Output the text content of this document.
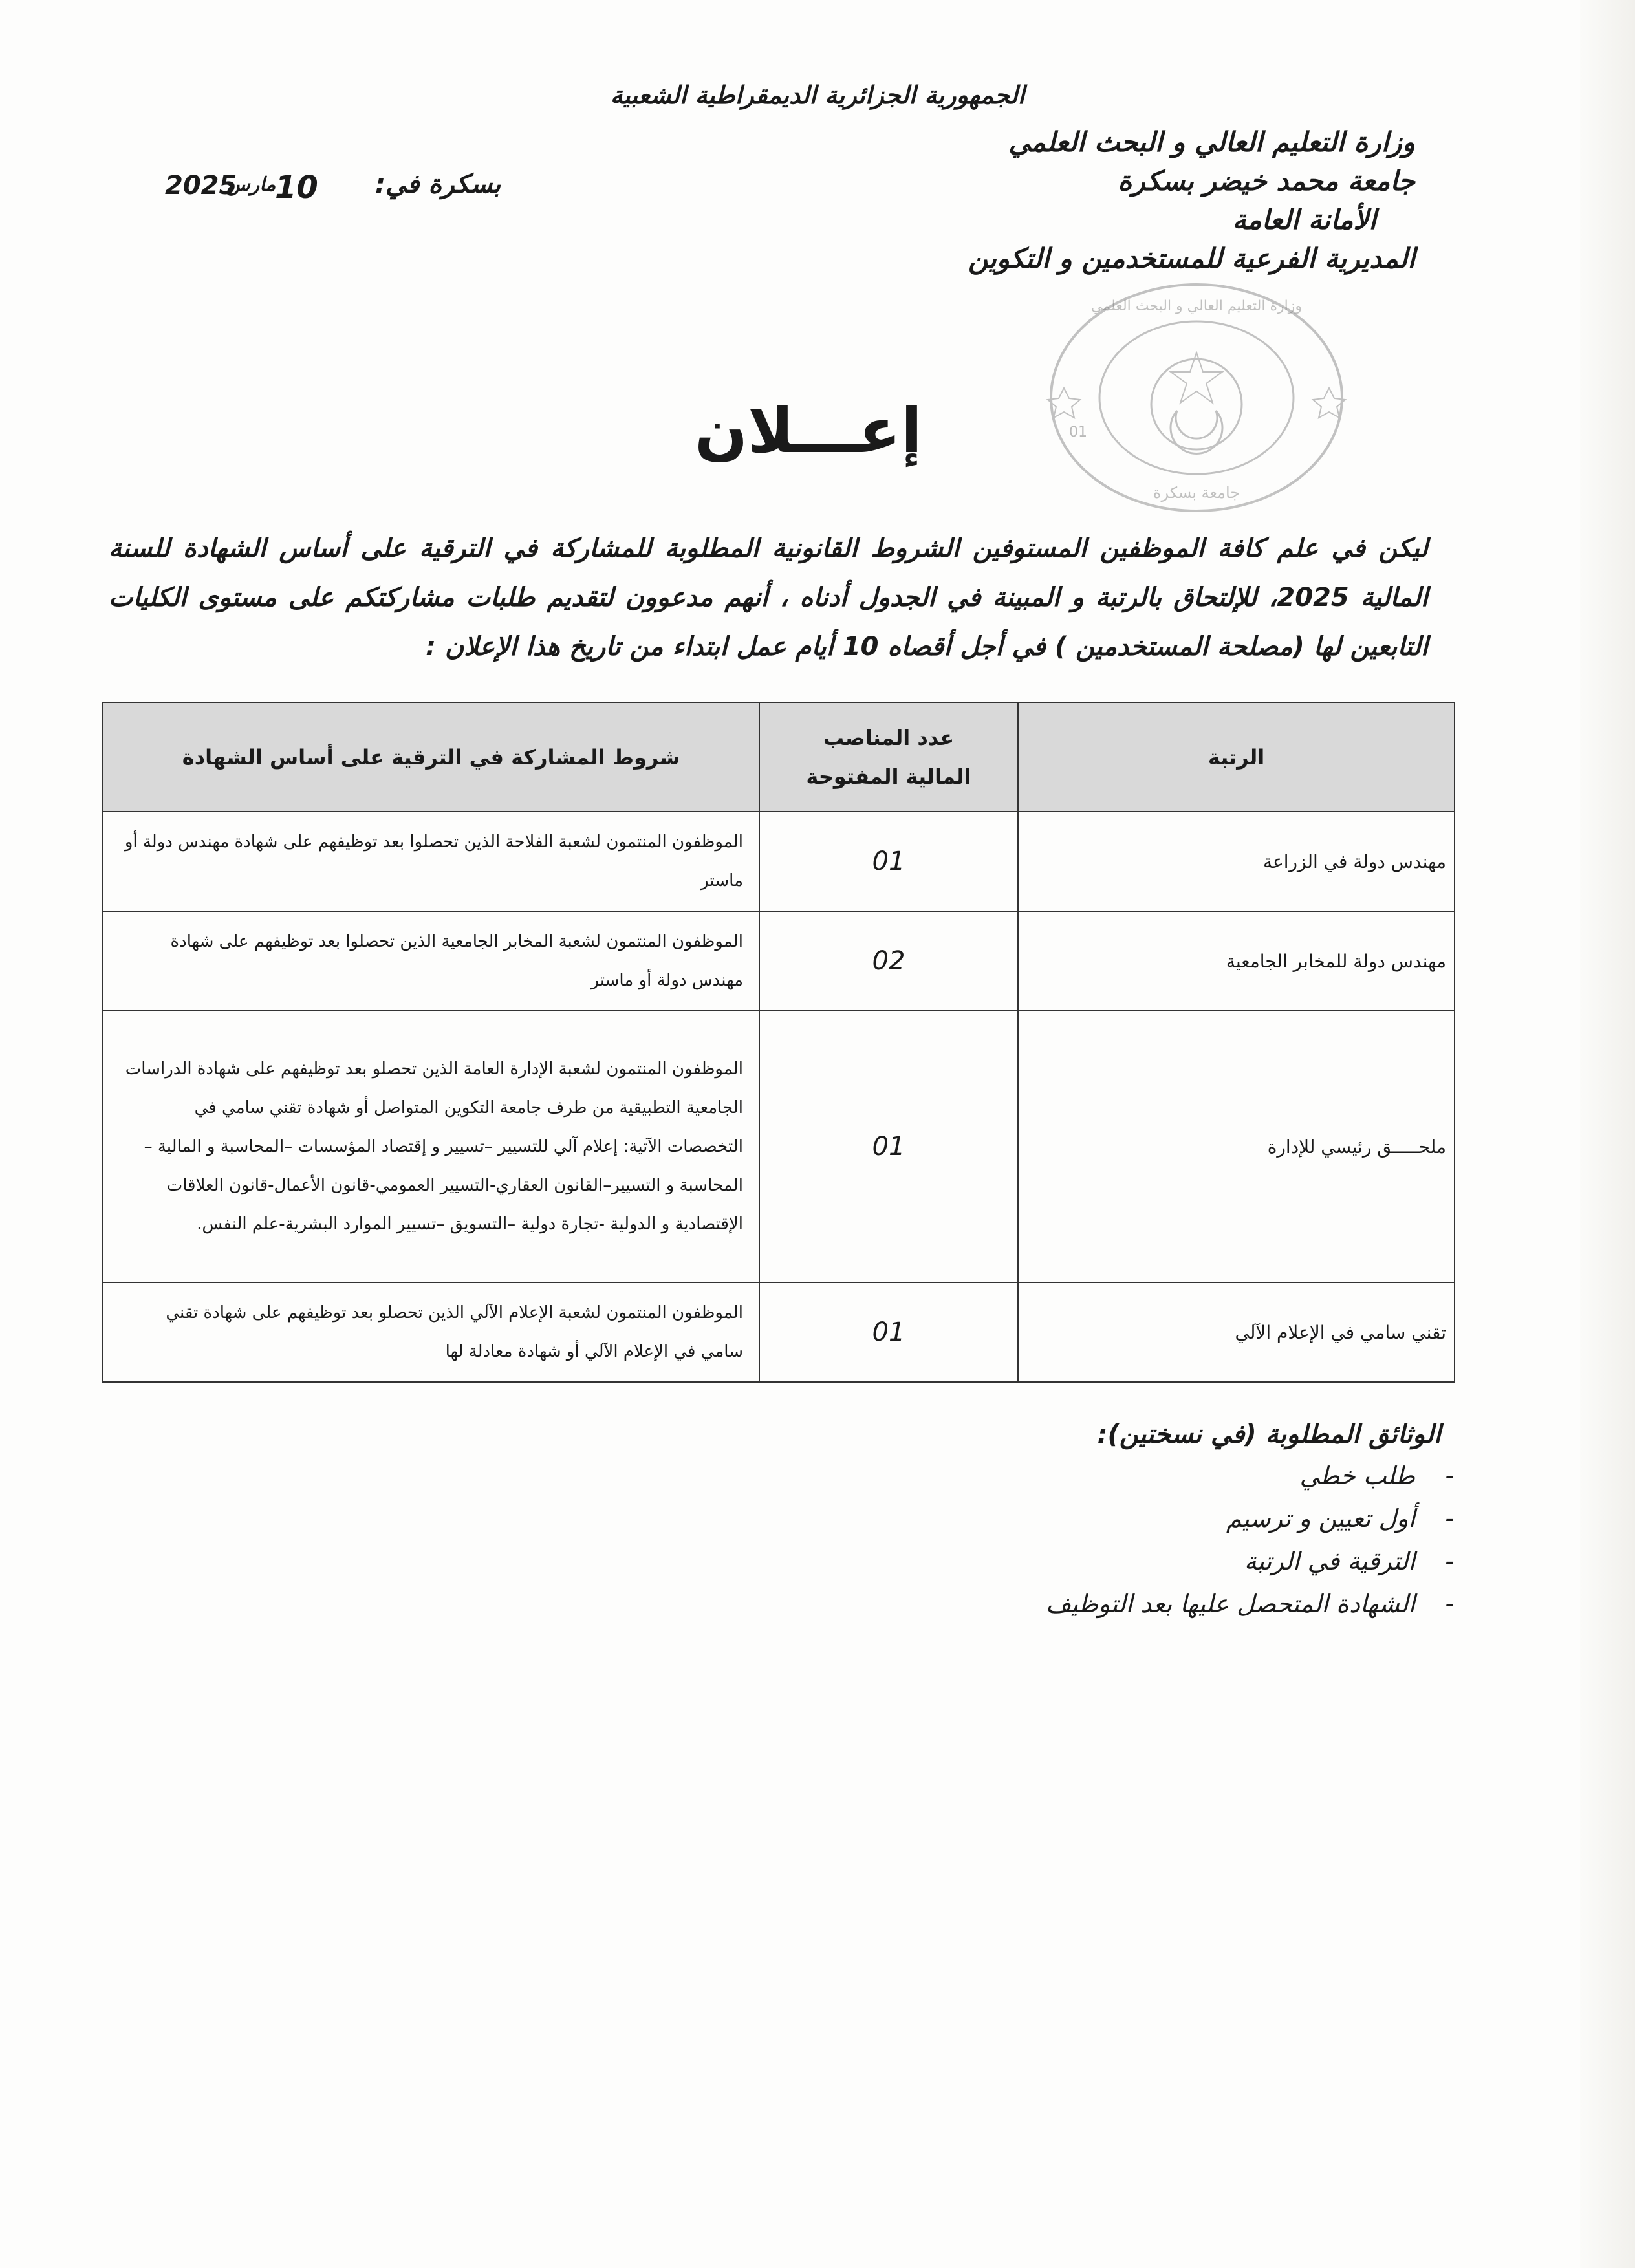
الجمهورية الجزائرية الديمقراطية الشعبية
وزارة التعليم العالي و البحث العلمي
جامعة محمد خيضر بسكرة
الأمانة العامة
المديرية الفرعية للمستخدمين و التكوين
بسكرة في:
10
مارس
2025
وزارة التعليم العالي و البحث العلمي
جامعة بسكرة
01
إعـــلان
ليكن في علم كافة الموظفين المستوفين الشروط القانونية المطلوبة للمشاركة في الترقية على أساس الشهادة للسنة المالية 2025، للإلتحاق بالرتبة و المبينة في الجدول أدناه ، أنهم مدعوون لتقديم طلبات مشاركتكم على مستوى الكليات التابعين لها (مصلحة المستخدمين ) في أجل أقصاه 10 أيام عمل ابتداء من تاريخ هذا الإعلان :
الرتبة	عدد المناصب المالية المفتوحة	شروط المشاركة في الترقية على أساس الشهادة
مهندس دولة في الزراعة	01	الموظفون المنتمون لشعبة الفلاحة الذين تحصلوا بعد توظيفهم على شهادة مهندس دولة أو ماستر
مهندس دولة للمخابر الجامعية	02	الموظفون المنتمون لشعبة المخابر الجامعية الذين تحصلوا بعد توظيفهم على شهادة مهندس دولة أو ماستر
ملحـــــق رئيسي للإدارة	01	الموظفون المنتمون لشعبة الإدارة العامة الذين تحصلو بعد توظيفهم على شهادة الدراسات الجامعية التطبيقية من طرف جامعة التكوين المتواصل أو شهادة تقني سامي في التخصصات الآتية: إعلام آلي للتسيير –تسيير و إقتصاد المؤسسات –المحاسبة و المالية –المحاسبة و التسيير–القانون العقاري-التسيير العمومي-قانون الأعمال-قانون العلاقات الإقتصادية و الدولية -تجارة دولية –التسويق –تسيير الموارد البشرية-علم النفس.
تقني سامي في الإعلام الآلي	01	الموظفون المنتمون لشعبة الإعلام الآلي الذين تحصلو بعد توظيفهم على شهادة تقني سامي في الإعلام الآلي أو شهادة معادلة لها
الوثائق المطلوبة (في نسختين):
- طلب خطي
- أول تعيين و ترسيم
- الترقية في الرتبة
- الشهادة المتحصل عليها بعد التوظيف
